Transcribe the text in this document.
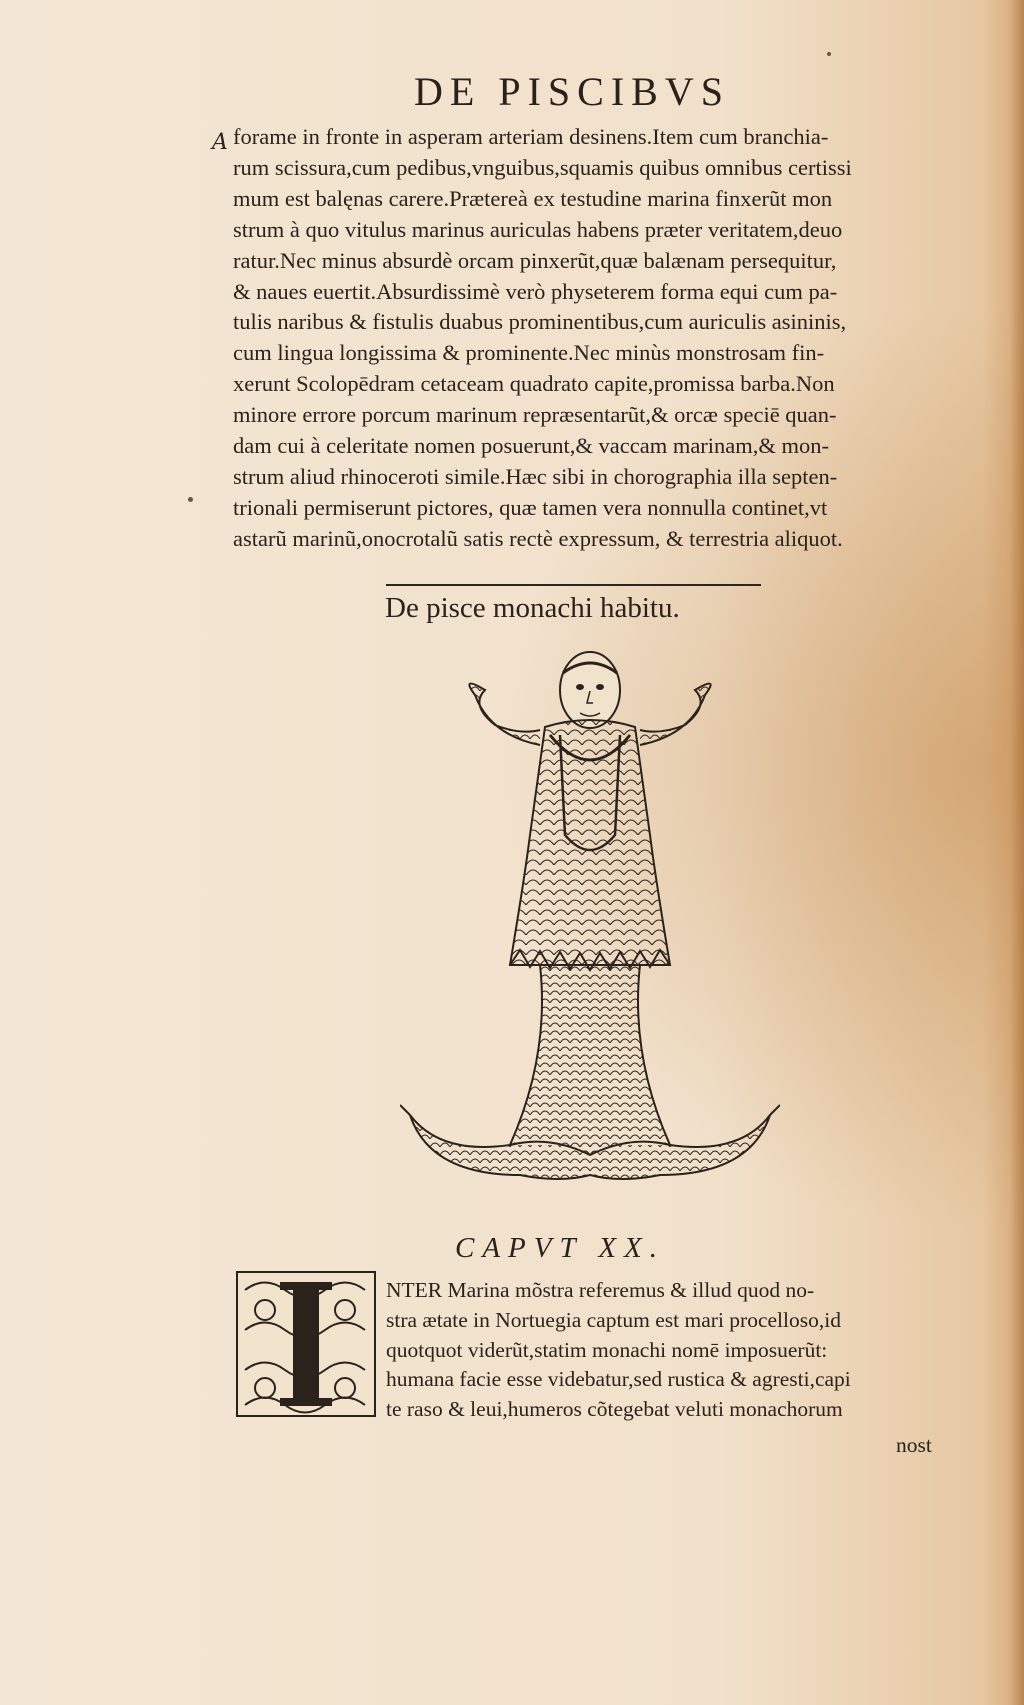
DE PISCIBVS
A forame in fronte in asperam arteriam desinens.Item cum branchia-
rum scissura,cum pedibus,vnguibus,squamis quibus omnibus certissi
mum est balęnas carere.Prætereà ex testudine marina finxerũt mon
strum à quo vitulus marinus auriculas habens præter veritatem,deuo
ratur.Nec minus absurdè orcam pinxerũt,quæ balænam persequitur,
& naues euertit.Absurdissimè verò physeterem forma equi cum pa-
tulis naribus & fistulis duabus prominentibus,cum auriculis asininis,
cum lingua longissima & prominente.Nec minùs monstrosam fin-
xerunt Scolopēdram cetaceam quadrato capite,promissa barba.Non
minore errore porcum marinum repræsentarũt,& orcæ speciē quan-
dam cui à celeritate nomen posuerunt,& vaccam marinam,& mon-
strum aliud rhinoceroti simile.Hæc sibi in chorographia illa septen-
trionali permiserunt pictores, quæ tamen vera nonnulla continet,vt
astarũ marinũ,onocrotalũ satis rectè expressum, & terrestria aliquot.
De pisce monachi habitu.
CAPVT XX.
NTER Marina mõstra referemus & illud quod no-
stra ætate in Nortuegia captum est mari procelloso,id
quotquot viderũt,statim monachi nomē imposuerũt:
humana facie esse videbatur,sed rustica & agresti,capi
te raso & leui,humeros cõtegebat veluti monachorum
nost
